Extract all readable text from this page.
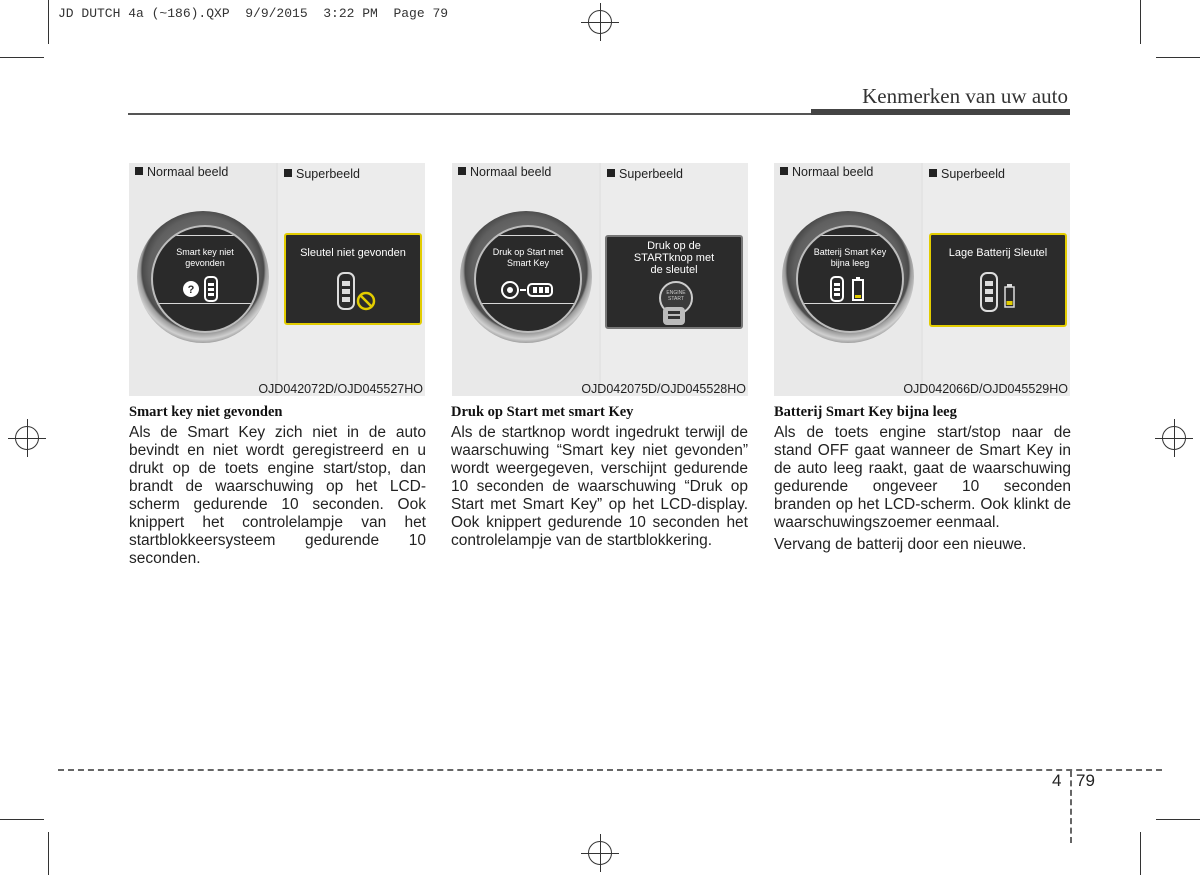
JD DUTCH 4a (~186).QXP  9/9/2015  3:22 PM  Page 79
Kenmerken van uw auto
Normaal beeld
Smart key niet gevonden
?
Superbeeld
Sleutel niet gevonden
OJD042072D/OJD045527HO
Normaal beeld
Druk op Start met Smart Key
Superbeeld
Druk op de STARTknop met de sleutel
ENGINE START
OJD042075D/OJD045528HO
Normaal beeld
Batterij Smart Key bijna leeg
Superbeeld
Lage Batterij Sleutel
OJD042066D/OJD045529HO

Smart key niet gevonden

Als de Smart Key zich niet in de auto bevindt en niet wordt geregistreerd en u drukt op de toets engine start/stop, dan brandt de waarschuwing op het LCD-scherm gedurende 10 seconden. Ook knippert het controlelampje van het startblokkeersysteem gedurende 10 seconden.

Druk op Start met smart Key

Als de startknop wordt ingedrukt terwijl de waarschuwing “Smart key niet gevonden” wordt weergegeven, verschijnt gedurende 10 seconden de waarschuwing “Druk op Start met Smart Key” op het LCD-display. Ook knippert gedurende 10 seconden het controlelampje van de startblokkering.

Batterij Smart Key bijna leeg

Als de toets engine start/stop naar de stand OFF gaat wanneer de Smart Key in de auto leeg raakt, gaat de waarschuwing gedurende ongeveer 10 seconden branden op het LCD-scherm. Ook klinkt de waarschuwingszoemer eenmaal.

Vervang de batterij door een nieuwe.

4 79
